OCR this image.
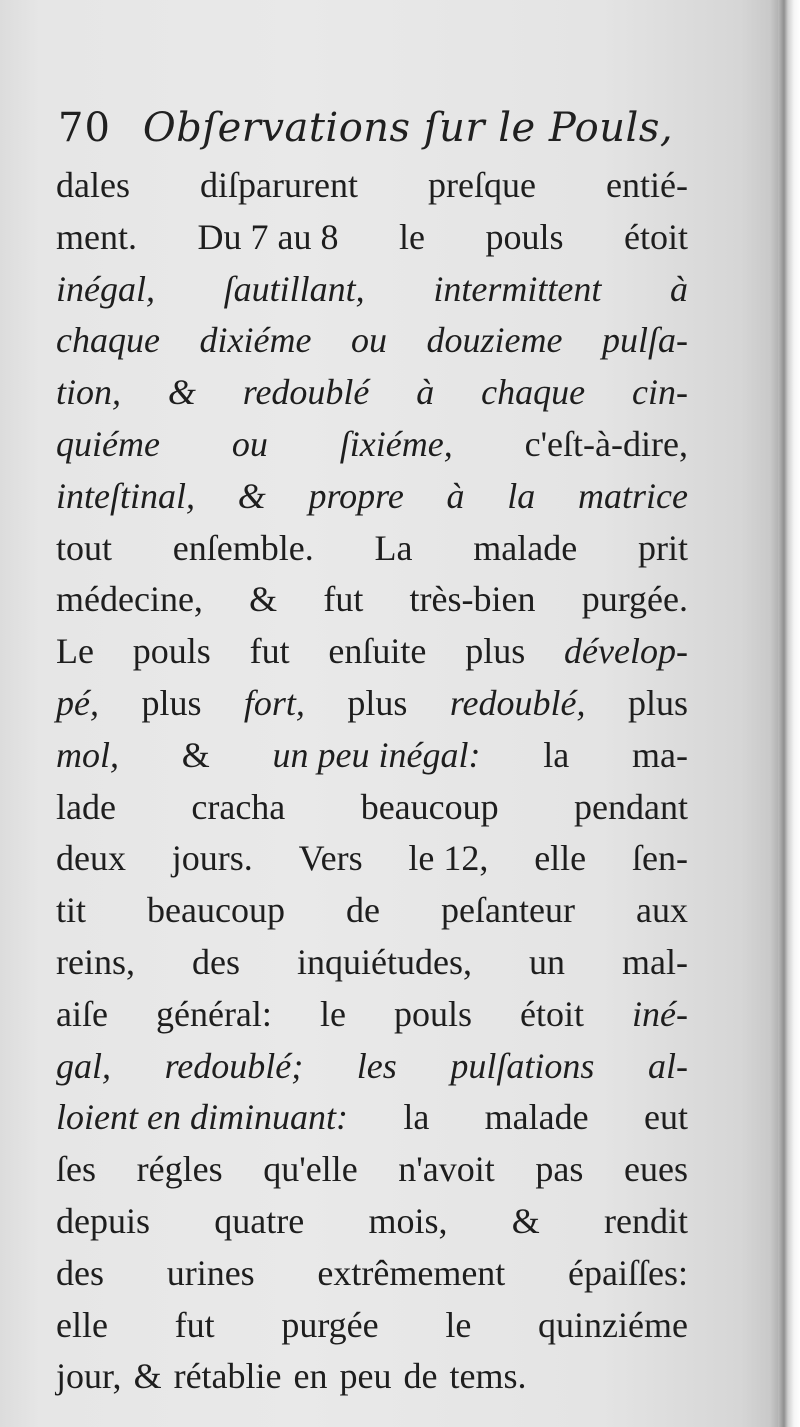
70 Obſervations ſur le Pouls,
dales diſparurent preſque entié-
ment. Du 7 au 8 le pouls étoit
inégal, ſautillant, intermittent à
chaque dixiéme ou douzieme pulſa-
tion, & redoublé à chaque cin-
quiéme ou ſixiéme, c'eſt-à-dire,
inteſtinal, & propre à la matrice
tout enſemble. La malade prit
médecine, & fut très-bien purgée.
Le pouls fut enſuite plus dévelop-
pé, plus fort, plus redoublé, plus
mol, & un peu inégal: la ma-
lade cracha beaucoup pendant
deux jours. Vers le 12, elle ſen-
tit beaucoup de peſanteur aux
reins, des inquiétudes, un mal-
aiſe général: le pouls étoit iné-
gal, redoublé; les pulſations al-
loient en diminuant: la malade eut
ſes régles qu'elle n'avoit pas eues
depuis quatre mois, & rendit
des urines extrêmement épaiſſes:
elle fut purgée le quinziéme
jour, & rétablie en peu de tems.
